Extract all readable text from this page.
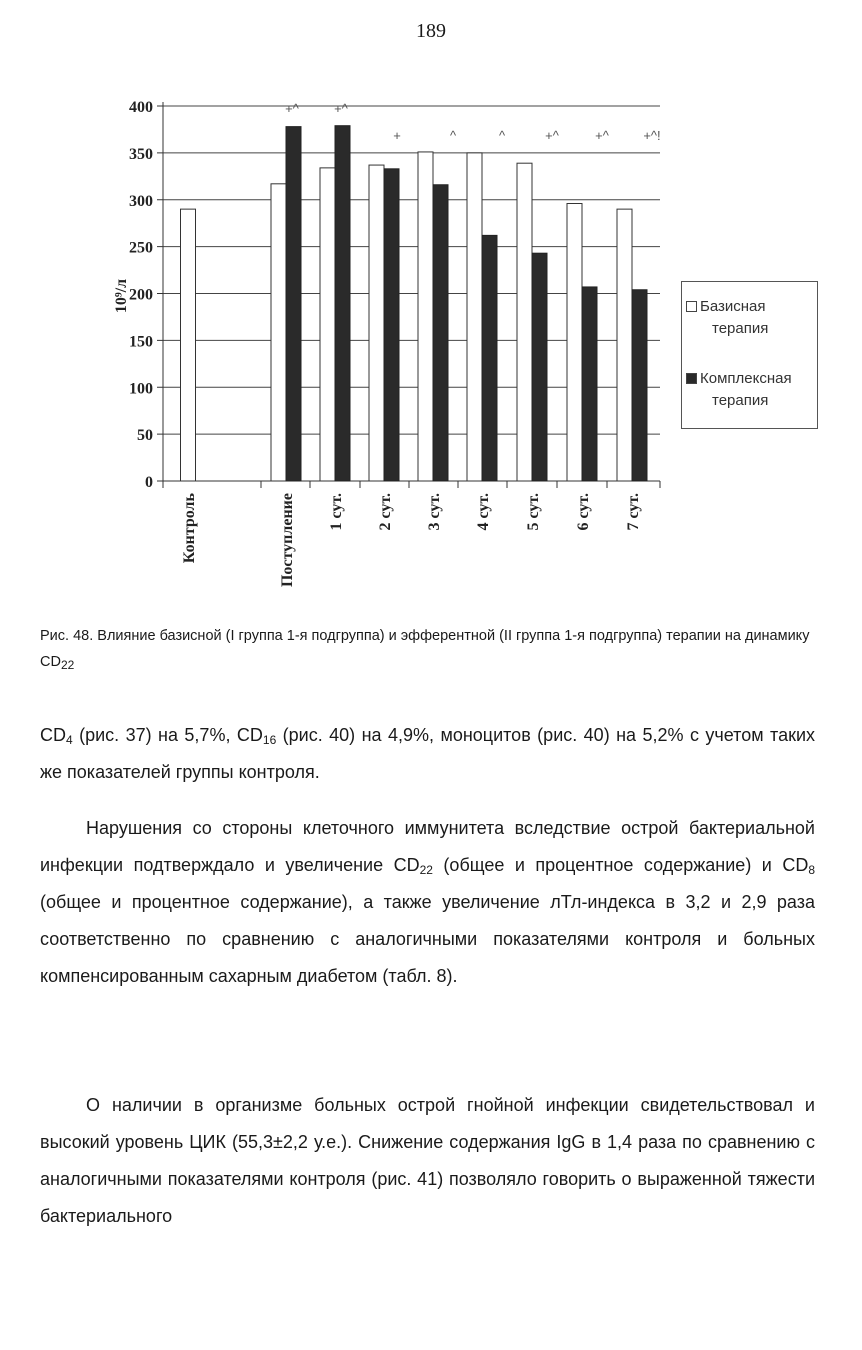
189
0
50
100
150
200
250
300
350
400
10⁹/л
Контроль	Поступление
+^
1 сут.
+^
2 сут.
+
3 сут.
^
4 сут.
^
5 сут.
+^
6 сут.
+^
7 сут.
+^!
Базисная
терапия
Комплексная
терапия
Рис. 48. Влияние базисной (I группа 1-я подгруппа) и эфферентной (II группа 1-я подгруппа) терапии на динамику $CD_{22}$
$CD_4$ (рис. 37) на 5,7%, $CD_{16}$ (рис. 40) на 4,9%, моноцитов (рис. 40) на 5,2% с учетом таких же показателей группы контроля.
Нарушения со стороны клеточного иммунитета вследствие острой бактериальной инфекции подтверждало и увеличение $CD_{22}$ (общее и процентное содержание) и $CD_8$ (общее и процентное содержание), а также увеличение лТл-индекса в 3,2 и 2,9 раза соответственно по сравнению с аналогичными показателями контроля и больных компенсированным сахарным диабетом (табл. 8).
О наличии в организме больных острой гнойной инфекции свидетельствовал и высокий уровень ЦИК (55,3±2,2 у.е.). Снижение содержания IgG в 1,4 раза по сравнению с аналогичными показателями контроля (рис. 41) позволяло говорить о выраженной тяжести бактериального
